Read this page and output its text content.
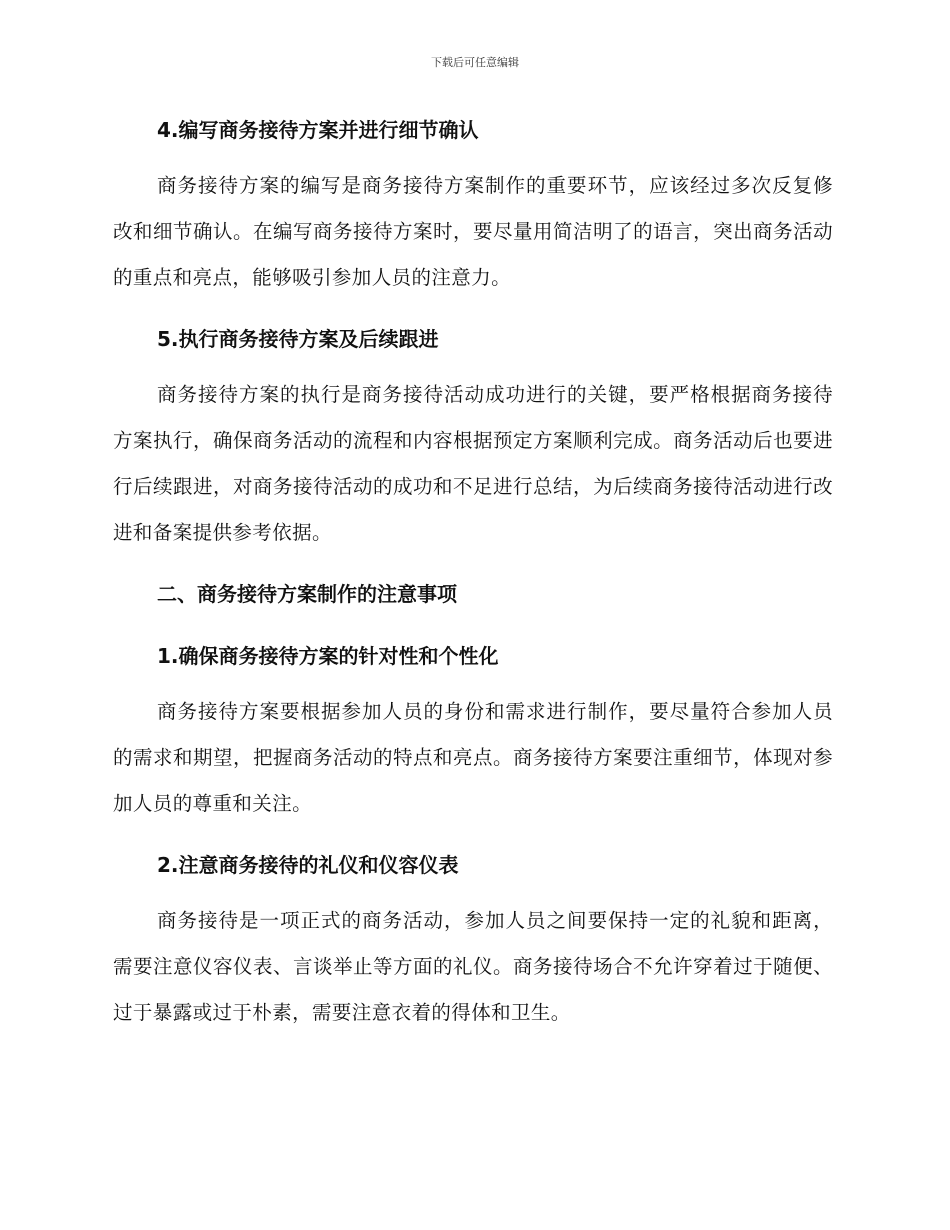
下载后可任意编辑
4.编写商务接待方案并进行细节确认

商务接待方案的编写是商务接待方案制作的重要环节，应该经过多次反复修改和细节确认。在编写商务接待方案时，要尽量用简洁明了的语言，突出商务活动的重点和亮点，能够吸引参加人员的注意力。

5.执行商务接待方案及后续跟进

商务接待方案的执行是商务接待活动成功进行的关键，要严格根据商务接待方案执行，确保商务活动的流程和内容根据预定方案顺利完成。商务活动后也要进行后续跟进，对商务接待活动的成功和不足进行总结，为后续商务接待活动进行改进和备案提供参考依据。

二、商务接待方案制作的注意事项
1.确保商务接待方案的针对性和个性化

商务接待方案要根据参加人员的身份和需求进行制作，要尽量符合参加人员的需求和期望，把握商务活动的特点和亮点。商务接待方案要注重细节，体现对参加人员的尊重和关注。

2.注意商务接待的礼仪和仪容仪表

商务接待是一项正式的商务活动，参加人员之间要保持一定的礼貌和距离，需要注意仪容仪表、言谈举止等方面的礼仪。商务接待场合不允许穿着过于随便、过于暴露或过于朴素，需要注意衣着的得体和卫生。
